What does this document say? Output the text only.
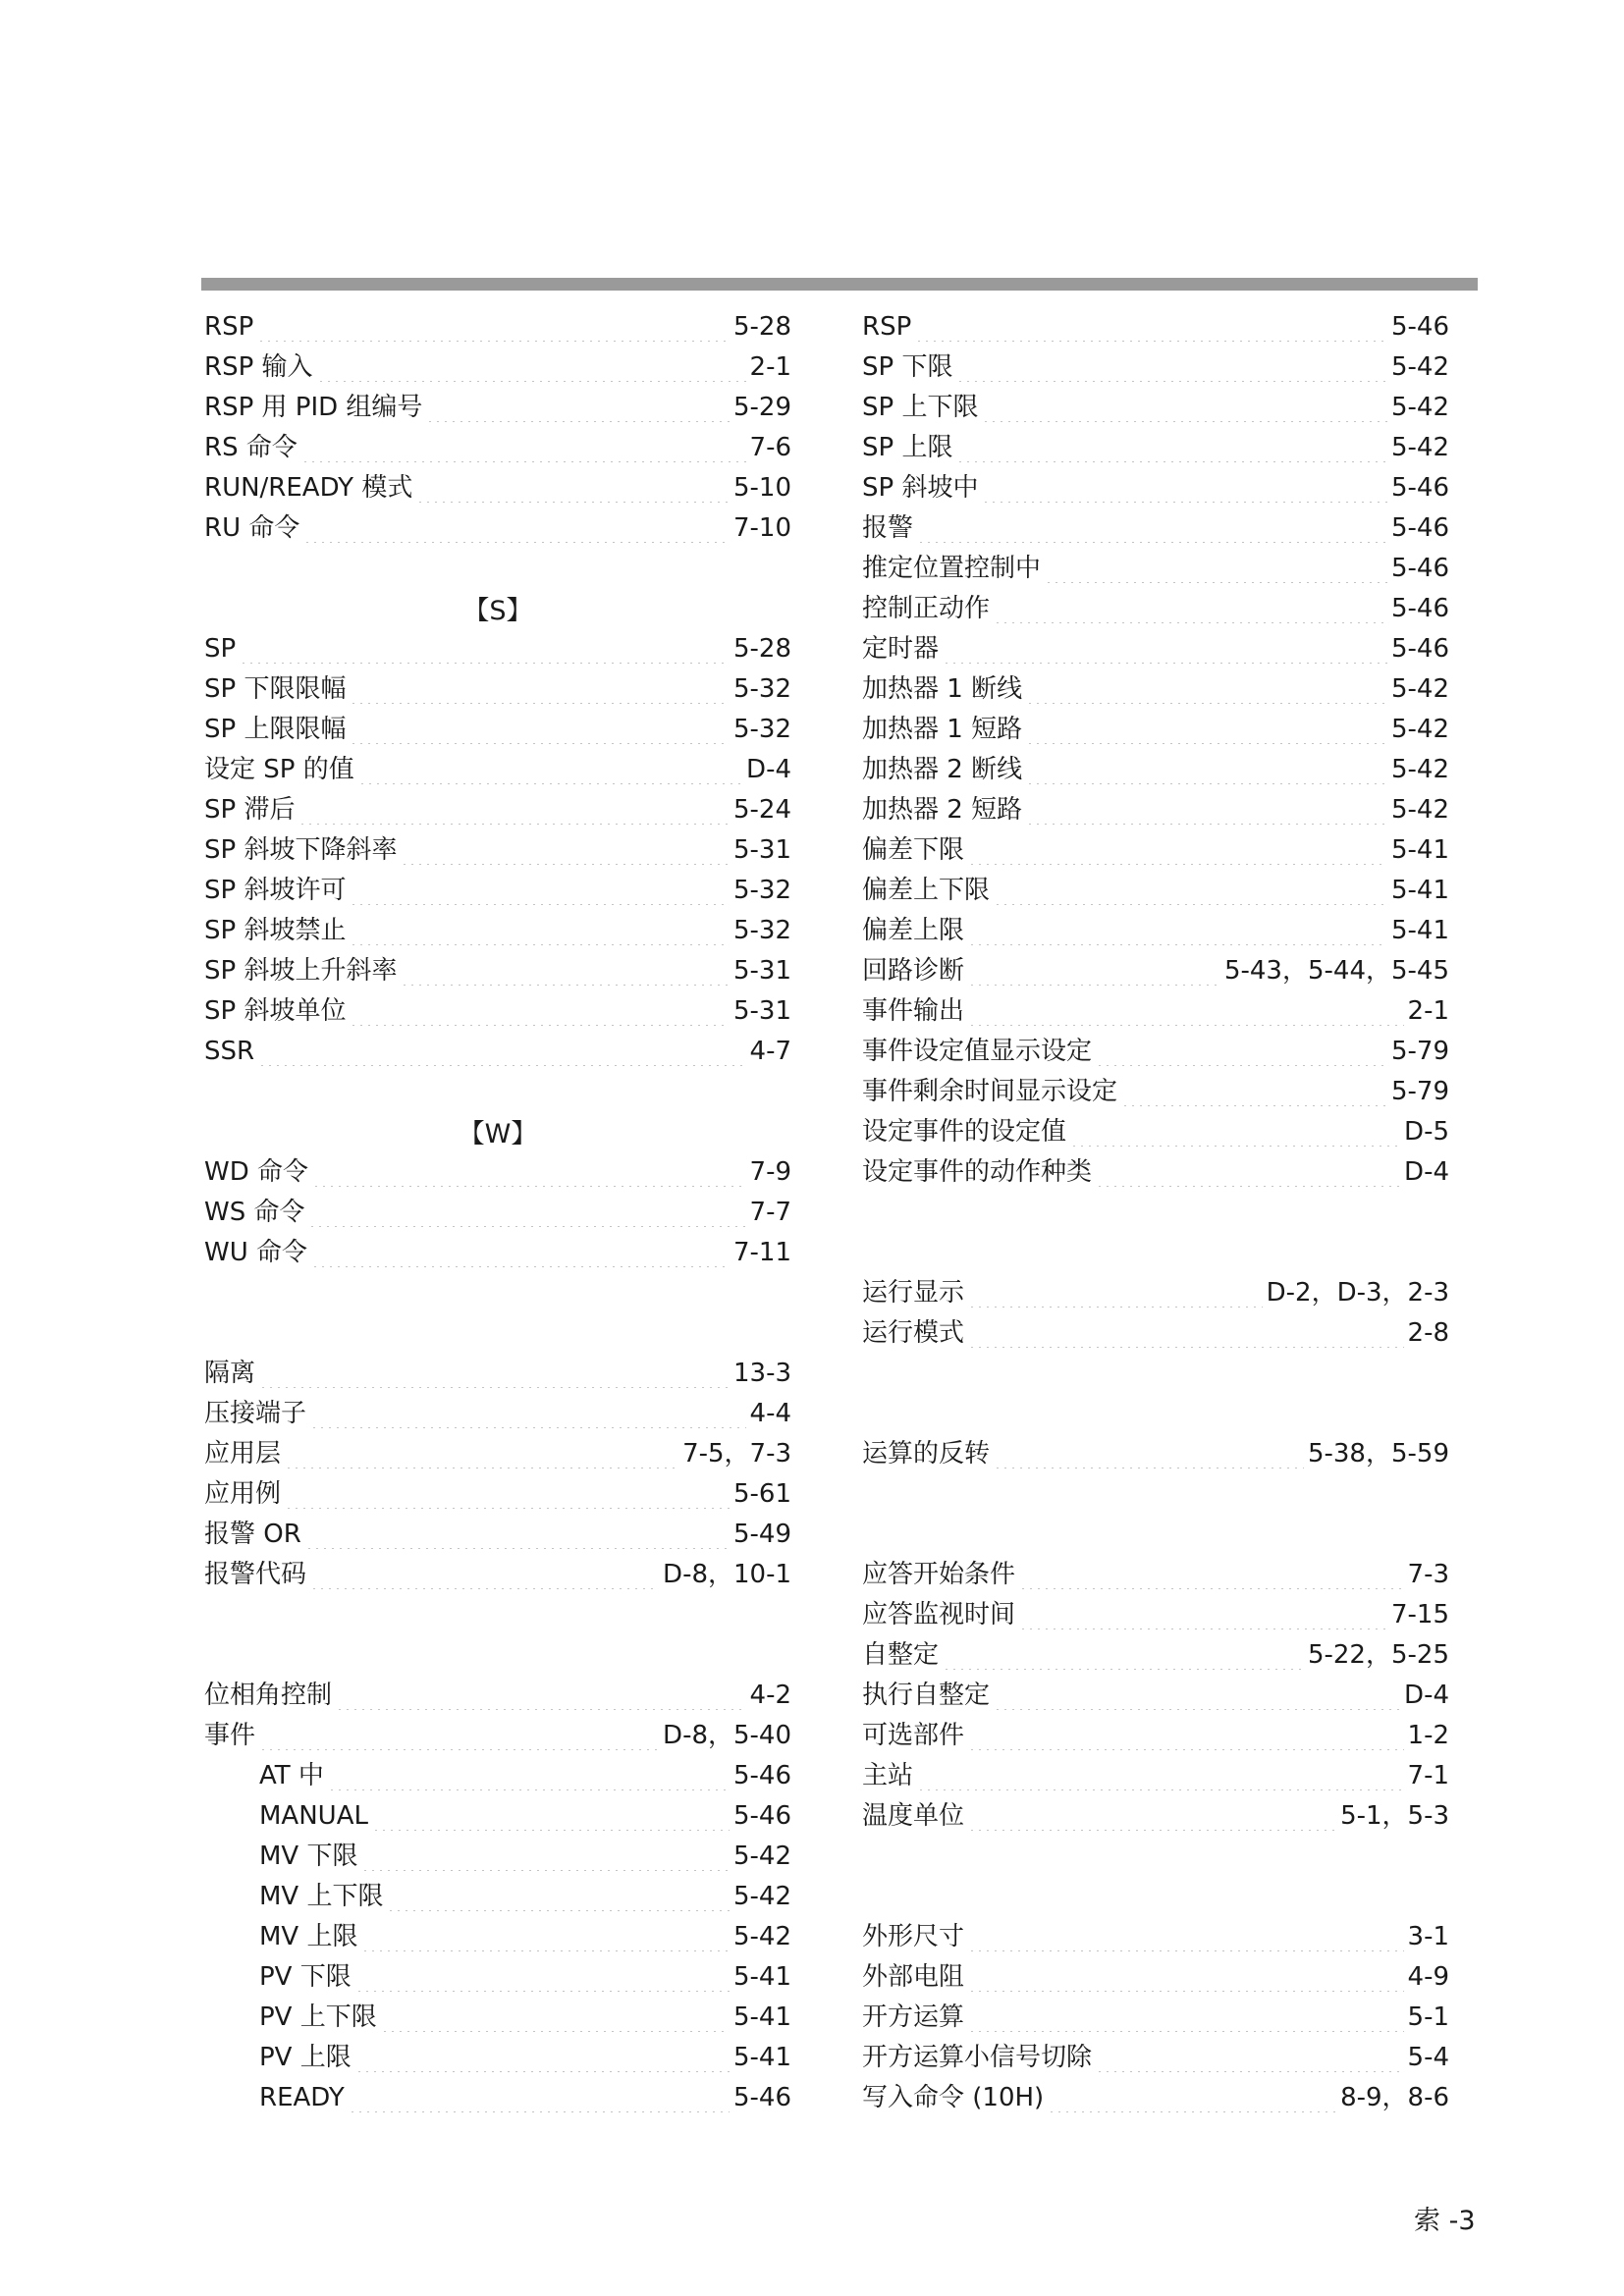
RSP	5-28
RSP 输入	2-1
RSP 用 PID 组编号	5-29
RS 命令	7-6
RUN/READY 模式	5-10
RU 命令	7-10
【S】
SP	5-28
SP 下限限幅	5-32
SP 上限限幅	5-32
设定 SP 的值	D-4
SP 滞后	5-24
SP 斜坡下降斜率	5-31
SP 斜坡许可	5-32
SP 斜坡禁止	5-32
SP 斜坡上升斜率	5-31
SP 斜坡单位	5-31
SSR	4-7
【W】
WD 命令	7-9
WS 命令	7-7
WU 命令	7-11
隔离	13-3
压接端子	4-4
应用层	7-5，7-3
应用例	5-61
报警 OR	5-49
报警代码	D-8，10-1
位相角控制	4-2
事件	D-8，5-40
AT 中	5-46
MANUAL	5-46
MV 下限	5-42
MV 上下限	5-42
MV 上限	5-42
PV 下限	5-41
PV 上下限	5-41
PV 上限	5-41
READY	5-46
RSP	5-46
SP 下限	5-42
SP 上下限	5-42
SP 上限	5-42
SP 斜坡中	5-46
报警	5-46
推定位置控制中	5-46
控制正动作	5-46
定时器	5-46
加热器 1 断线	5-42
加热器 1 短路	5-42
加热器 2 断线	5-42
加热器 2 短路	5-42
偏差下限	5-41
偏差上下限	5-41
偏差上限	5-41
回路诊断	5-43，5-44，5-45
事件输出	2-1
事件设定值显示设定	5-79
事件剩余时间显示设定	5-79
设定事件的设定值	D-5
设定事件的动作种类	D-4
运行显示	D-2，D-3，2-3
运行模式	2-8
运算的反转	5-38，5-59
应答开始条件	7-3
应答监视时间	7-15
自整定	5-22，5-25
执行自整定	D-4
可选部件	1-2
主站	7-1
温度单位	5-1，5-3
外形尺寸	3-1
外部电阻	4-9
开方运算	5-1
开方运算小信号切除	5-4
写入命令 (10H)	8-9，8-6
索 -3
